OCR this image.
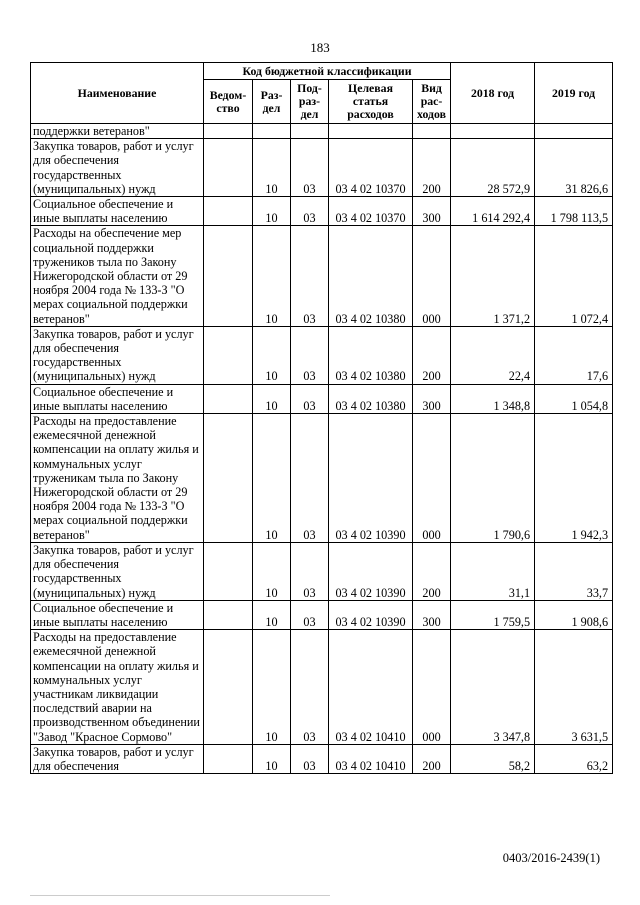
183
Наименование	Код бюджетной классификации					2018 год	2019 год
	Ведом-ство	Раз-дел	Под-раз-дел	Целевая статья расходов	Вид рас-ходов		
поддержки ветеранов"							
Закупка товаров, работ и услуг для обеспечения государственных (муниципальных) нужд		10	03	03 4 02 10370	200	28 572,9	31 826,6
Социальное обеспечение и иные выплаты населению		10	03	03 4 02 10370	300	1 614 292,4	1 798 113,5
Расходы на обеспечение мер социальной поддержки тружеников тыла по Закону Нижегородской области от 29 ноября 2004 года № 133-З "О мерах социальной поддержки ветеранов"		10	03	03 4 02 10380	000	1 371,2	1 072,4
Закупка товаров, работ и услуг для обеспечения государственных (муниципальных) нужд		10	03	03 4 02 10380	200	22,4	17,6
Социальное обеспечение и иные выплаты населению		10	03	03 4 02 10380	300	1 348,8	1 054,8
Расходы на предоставление ежемесячной денежной компенсации на оплату жилья и коммунальных услуг труженикам тыла по Закону Нижегородской области от 29 ноября 2004 года № 133-З "О мерах социальной поддержки ветеранов"		10	03	03 4 02 10390	000	1 790,6	1 942,3
Закупка товаров, работ и услуг для обеспечения государственных (муниципальных) нужд		10	03	03 4 02 10390	200	31,1	33,7
Социальное обеспечение и иные выплаты населению		10	03	03 4 02 10390	300	1 759,5	1 908,6
Расходы на предоставление ежемесячной денежной компенсации на оплату жилья и коммунальных услуг участникам ликвидации последствий аварии на производственном объединении "Завод "Красное Сормово"		10	03	03 4 02 10410	000	3 347,8	3 631,5
Закупка товаров, работ и услуг для обеспечения		10	03	03 4 02 10410	200	58,2	63,2
0403/2016-2439(1)
